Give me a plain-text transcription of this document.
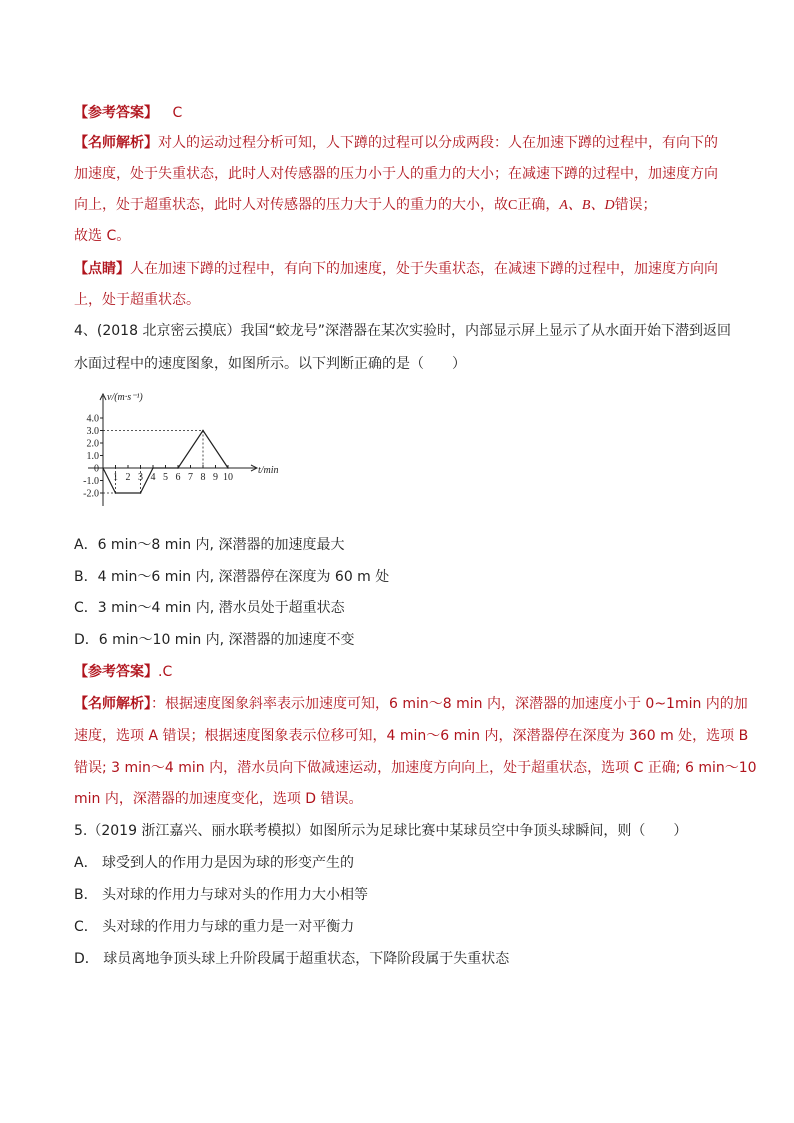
【参考答案】 C
【名师解析】对人的运动过程分析可知，人下蹲的过程可以分成两段：人在加速下蹲的过程中，有向下的
加速度，处于失重状态，此时人对传感器的压力小于人的重力的大小；在减速下蹲的过程中，加速度方向
向上，处于超重状态，此时人对传感器的压力大于人的重力的大小，故C正确，A、B、D错误；
故选 C。
【点睛】人在加速下蹲的过程中，有向下的加速度，处于失重状态，在减速下蹲的过程中，加速度方向向
上，处于超重状态。
4、(2018 北京密云摸底）我国“蛟龙号”深潜器在某次实验时，内部显示屏上显示了从水面开始下潜到返回
水面过程中的速度图象，如图所示。以下判断正确的是（　　）
4.0
3.0
2.0
1.0
0
-1.0
-2.0
1 2 3 4 5 6 7 8 9 10
v/(m·s⁻¹)
t/min
A．6 min～8 min 内, 深潜器的加速度最大
B．4 min～6 min 内, 深潜器停在深度为 60 m 处
C．3 min～4 min 内, 潜水员处于超重状态
D．6 min～10 min 内, 深潜器的加速度不变
【参考答案】.C
【名师解析】：根据速度图象斜率表示加速度可知，6 min～8 min 内，深潜器的加速度小于 0~1min 内的加
速度，选项 A 错误；根据速度图象表示位移可知，4 min～6 min 内，深潜器停在深度为 360 m 处，选项 B
错误; 3 min～4 min 内，潜水员向下做减速运动，加速度方向向上，处于超重状态，选项 C 正确; 6 min～10
min 内，深潜器的加速度变化，选项 D 错误。
5.（2019 浙江嘉兴、丽水联考模拟）如图所示为足球比赛中某球员空中争顶头球瞬间，则（　　）
A． 球受到人的作用力是因为球的形变产生的
B． 头对球的作用力与球对头的作用力大小相等
C． 头对球的作用力与球的重力是一对平衡力
D． 球员离地争顶头球上升阶段属于超重状态，下降阶段属于失重状态
